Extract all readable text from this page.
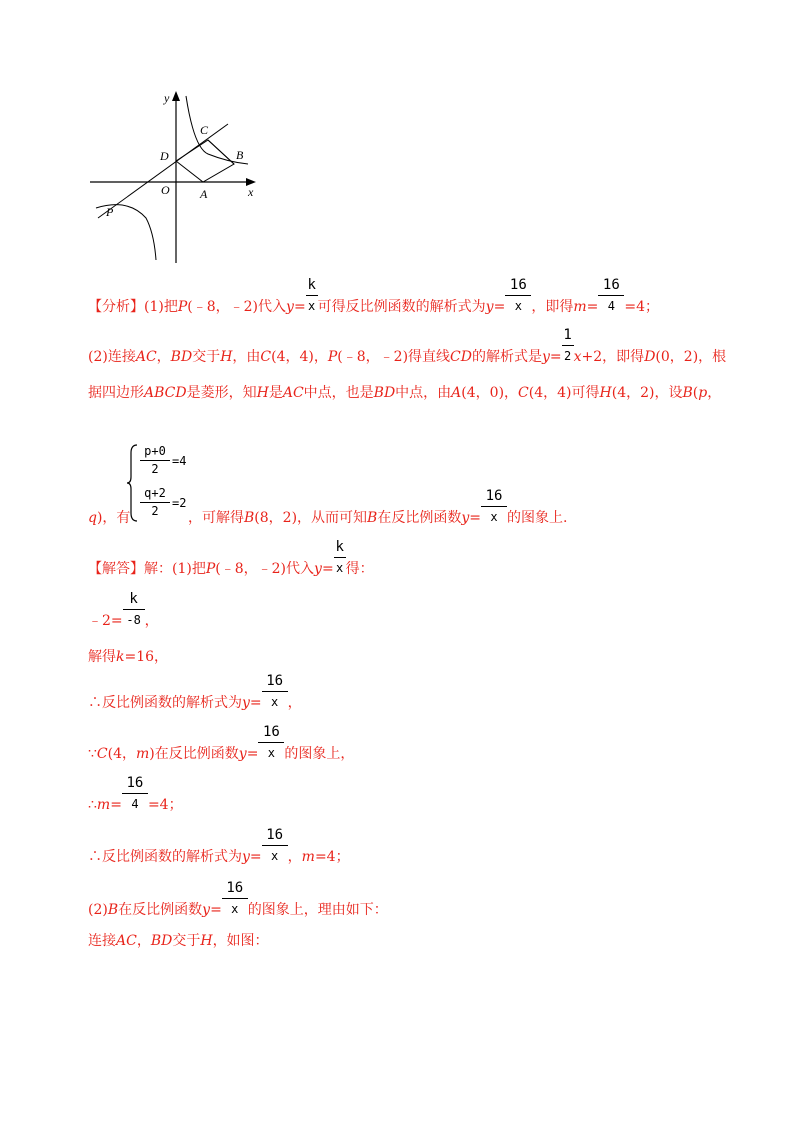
y
x
O	A
B
C
D
P
【分析】(1)把P(﹣8，﹣2)代入$y= \frac{k}{x}$ 可得反比例函数的解析式为$y= \frac{16}{x}$ ，即得$m= \frac{16}{4} =4$；
(2)连接AC，BD交于H，由C(4，4)，P(﹣8，﹣2)得直线CD的解析式是$y= \frac{1}{2} x+2$，即得D(0，2)，根
据四边形ABCD是菱形，知H是AC中点，也是BD中点，由A(4，0)，C(4，4)可得H(4，2)，设B(p，
p+0
2
=4
q+2
2
=2
q)，有	，可解得B(8，2)，从而可知B在反比例函数$y= \frac{16}{x}$ 的图象上.
【解答】解：(1)把P(﹣8，﹣2)代入$y= \frac{k}{x}$ 得：
﹣2= $\frac{k}{-8}$ ，
解得k=16，
∴反比例函数的解析式为$y= \frac{16}{x}$ ，
∵C(4，m)在反比例函数$y= \frac{16}{x}$ 的图象上，
∴m= $\frac{16}{4} =4$；
∴反比例函数的解析式为$y= \frac{16}{x}$ ，m=4；
(2)B在反比例函数$y= \frac{16}{x}$ 的图象上，理由如下：
连接AC，BD交于H，如图：
